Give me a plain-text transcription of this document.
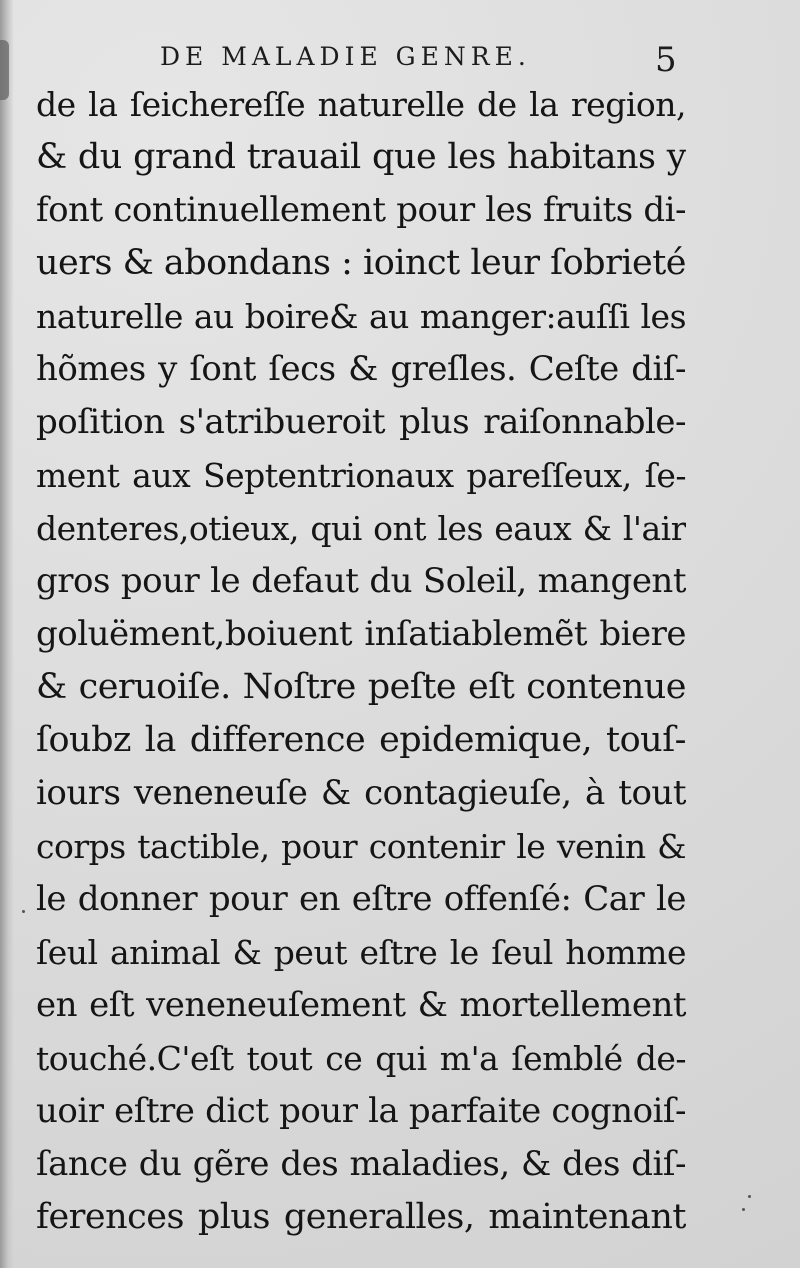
DE MALADIE GENRE.	5
de la ſeichereſſe naturelle de la region,
& du grand trauail que les habitans y
font continuellement pour les fruits di-
uers & abondans : ioinct leur ſobrieté
naturelle au boire& au manger:auſſi les
hõmes y ſont ſecs & greſles. Ceſte diſ-
poſition s'atribueroit plus raiſonnable-
ment aux Septentrionaux pareſſeux, ſe-
denteres,otieux, qui ont les eaux & l'air
gros pour le defaut du Soleil, mangent
goluëment,boiuent inſatiablemẽt biere
& ceruoiſe. Noſtre peſte eſt contenue
ſoubz la difference epidemique, touſ-
iours veneneuſe & contagieuſe, à tout
corps tactible, pour contenir le venin &
le donner pour en eſtre offenſé: Car le
ſeul animal & peut eſtre le ſeul homme
en eſt veneneuſement & mortellement
touché.C'eſt tout ce qui m'a ſemblé de-
uoir eſtre dict pour la parfaite cognoiſ-
ſance du gẽre des maladies, & des diſ-
ferences plus generalles, maintenant
